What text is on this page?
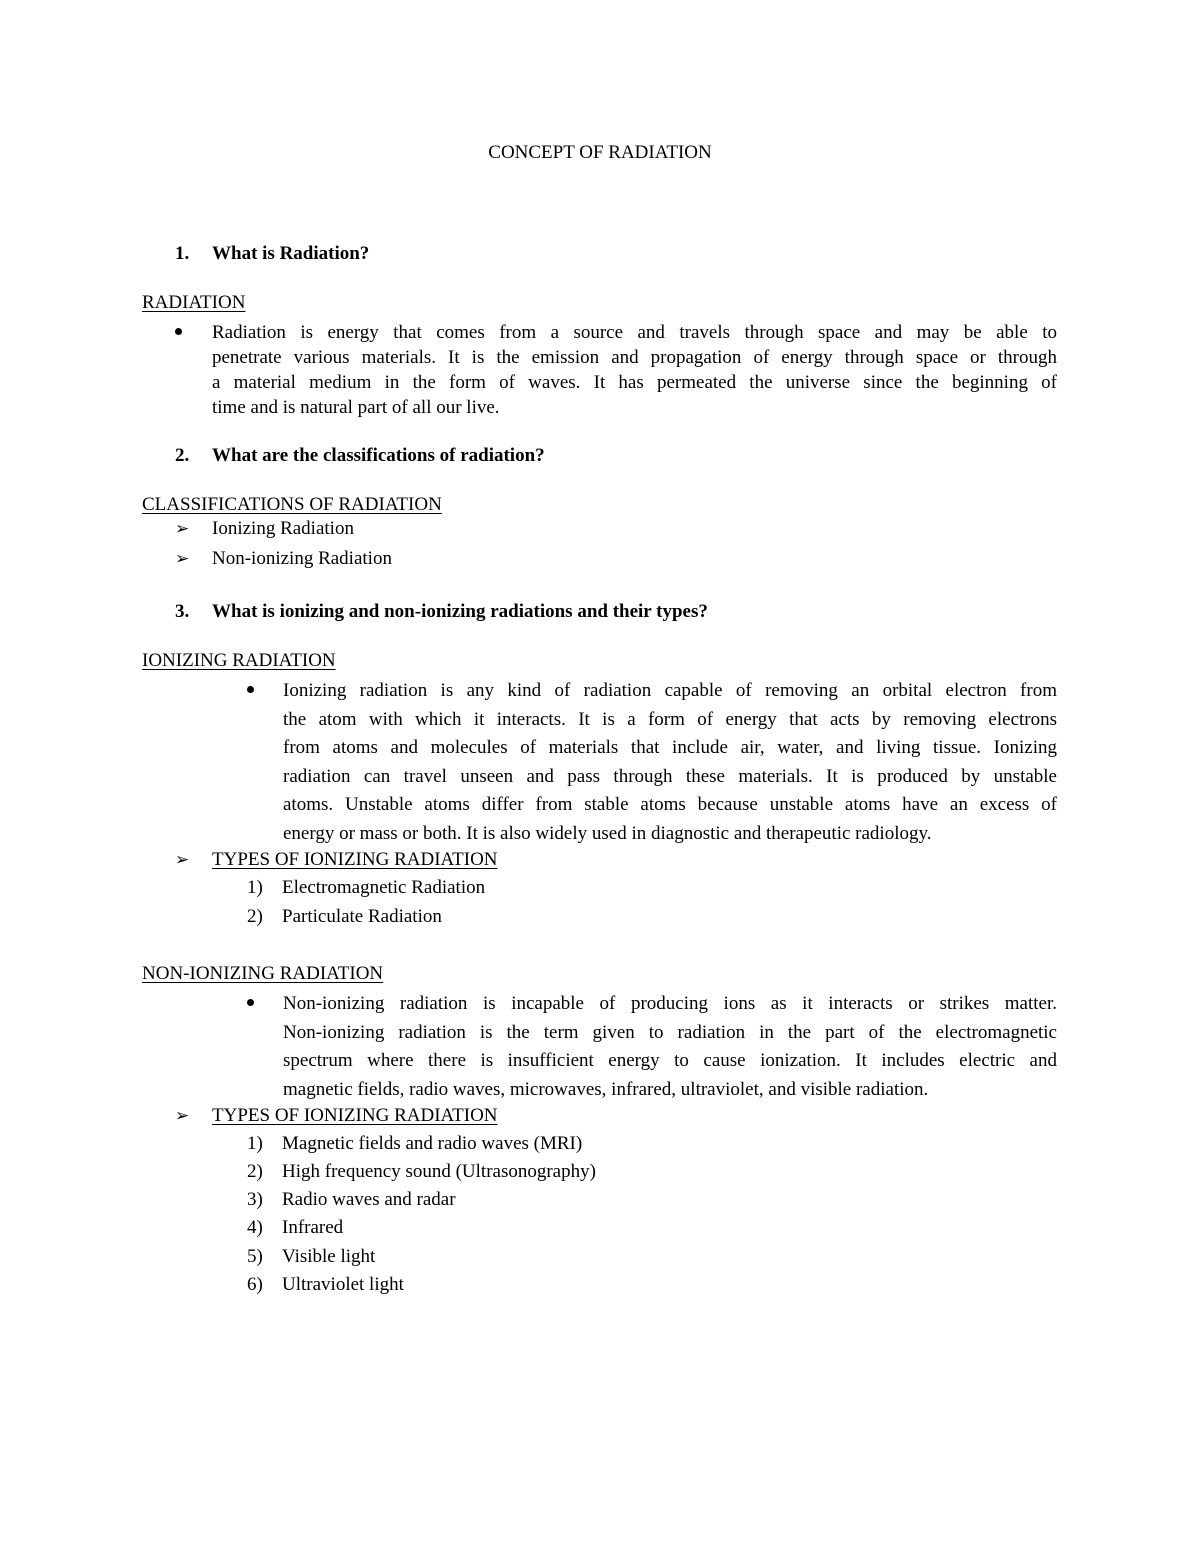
CONCEPT OF RADIATION
1. What is Radiation?
RADIATION
Radiation is energy that comes from a source and travels through space and may be able to
penetrate various materials. It is the emission and propagation of energy through space or through
a material medium in the form of waves. It has permeated the universe since the beginning of
time and is natural part of all our live.
2. What are the classifications of radiation?
CLASSIFICATIONS OF RADIATION
➢ Ionizing Radiation
➢ Non-ionizing Radiation
3. What is ionizing and non-ionizing radiations and their types?
IONIZING RADIATION
Ionizing radiation is any kind of radiation capable of removing an orbital electron from
the atom with which it interacts. It is a form of energy that acts by removing electrons
from atoms and molecules of materials that include air, water, and living tissue. Ionizing
radiation can travel unseen and pass through these materials. It is produced by unstable
atoms. Unstable atoms differ from stable atoms because unstable atoms have an excess of
energy or mass or both. It is also widely used in diagnostic and therapeutic radiology.
➢ TYPES OF IONIZING RADIATION
1) Electromagnetic Radiation
2) Particulate Radiation
NON-IONIZING RADIATION
Non-ionizing radiation is incapable of producing ions as it interacts or strikes matter.
Non-ionizing radiation is the term given to radiation in the part of the electromagnetic
spectrum where there is insufficient energy to cause ionization. It includes electric and
magnetic fields, radio waves, microwaves, infrared, ultraviolet, and visible radiation.
➢ TYPES OF IONIZING RADIATION
1) Magnetic fields and radio waves (MRI)
2) High frequency sound (Ultrasonography)
3) Radio waves and radar
4) Infrared
5) Visible light
6) Ultraviolet light
